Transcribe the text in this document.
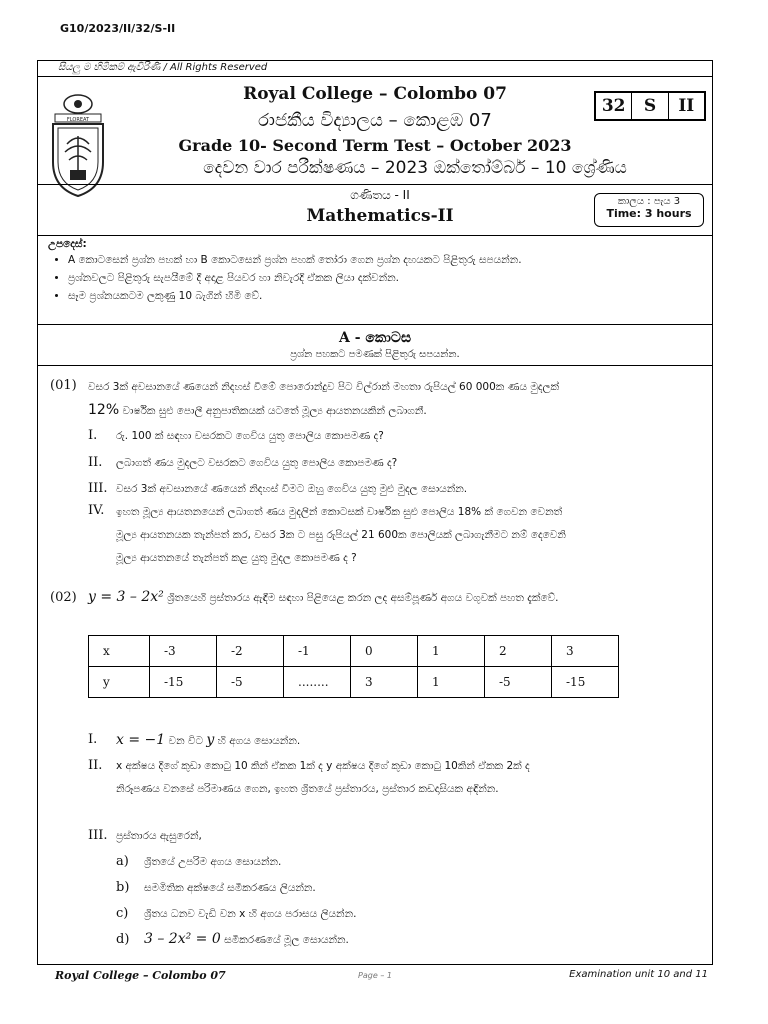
G10/2023/II/32/S-II
සියලු ම හිමිකම් ඇවිරිණි / All Rights Reserved
FLOREAT
Royal College – Colombo 07
රාජකීය විද්‍යාලය – කොළඹ 07
Grade 10- Second Term Test – October 2023
දෙවන වාර පරීක්ෂණය – 2023 ඔක්තෝම්බර් – 10 ශ්‍රේණිය
32	S	II
ගණිතය - II
Mathematics-II
කාලය : පැය 3
Time: 3 hours
උපදෙස්:
• A කොටසෙන් ප්‍රශ්න පහක් හා B කොටසෙන් ප්‍රශ්න පහක් තෝරා ගෙන ප්‍රශ්න දහයකට පිළිතුරු සපයන්න.
• ප්‍රශ්නවලට පිළිතුරු සැපයීමේ දී අදාළ පියවර හා නිවැරදි ඒකක ලියා දක්වන්න.
• සෑම ප්‍රශ්නයකටම ලකුණු 10 බැගින් හිමි වේ.
A - කොටස
ප්‍රශ්න පහකට පමණක් පිළිතුරු සපයන්න.
(01) වසර 3ක් අවසානයේ ණයෙන් නිදහස් වීමේ පොරොන්දුව පිට විල්රාන් මහතා රුපියල් 60 000ක ණය මුදලක්
12% වාර්ෂික සුළු පොලී අනුපාතිකයක් යටතේ මූල්‍ය ආයතනයකින් ලබාගනී.
I. රු. 100 ක් සඳහා වසරකට ගෙවිය යුතු පොලිය කොපමණ ද?
II. ලබාගත් ණය මුදලට වසරකට ගෙවිය යුතු පොලිය කොපමණ ද?
III. වසර 3ක් අවසානයේ ණයෙන් නිදහස් වීමට ඔහු ගෙවිය යුතු මුළු මුදල සොයන්න.
IV. ඉහත මූල්‍ය ආයතනයෙන් ලබාගත් ණය මුදලින් කොටසක් වාර්ෂික සුළු පොලිය 18% ක් ගෙවන වෙනත්
මූල්‍ය ආයතනයක තැන්පත් කර, වසර 3ක ට පසු රුපියල් 21 600ක පොලියක් ලබාගැනීමට නම් දෙවෙනි
මූල්‍ය ආයතනයේ තැන්පත් කළ යුතු මුදල කොපමණ ද ?
(02) y = 3 – 2x² ශ්‍රිතයෙහි ප්‍රස්තාරය ඇඳීම සඳහා පිළියෙළ කරන ලද අසම්පූර්ණ අගය වගුවක් පහත දැක්වේ.
x	-3	-2	-1	0	1	2	3
y	-15	-5	........	3	1	-5	-15
I. x = −1 වන විට y හි අගය සොයන්න.
II. x අක්ෂය දිගේ කුඩා කොටු 10 කින් ඒකක 1ක් ද y අක්ෂය දිගේ කුඩා කොටු 10කින් ඒකක 2ක් ද
නිරූපණය වනසේ පරිමාණය ගෙන, ඉහත ශ්‍රිතයේ ප්‍රස්තාරය, ප්‍රස්තාර කඩදාසියක අඳින්න.
III. ප්‍රස්තාරය ඇසුරෙන්,
a) ශ්‍රිතයේ උපරිම අගය සොයන්න.
b) සමමිතික අක්ෂයේ සමීකරණය ලියන්න.
c) ශ්‍රිතය ධනව වැඩි වන x හි අගය පරාසය ලියන්න.
d) 3 – 2x² = 0 සමීකරණයේ මූල සොයන්න.
Royal College – Colombo 07	Page – 1	Examination unit 10 and 11
